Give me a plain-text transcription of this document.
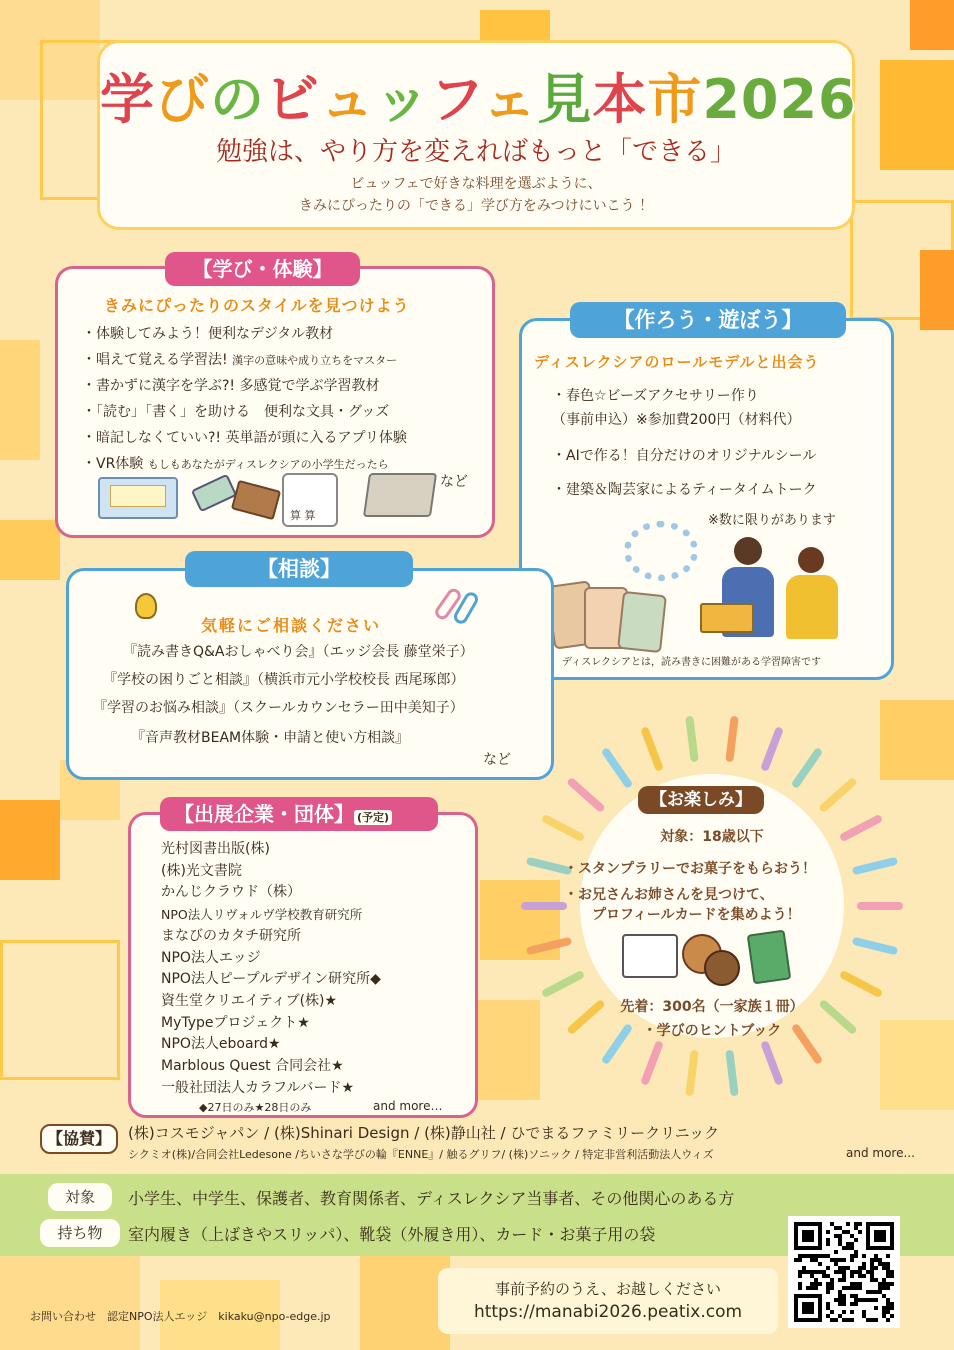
学びのビュッフェ見本市2026
勉強は、やり方を変えればもっと「できる」
ビュッフェで好きな料理を選ぶように、
きみにぴったりの「できる」学び方をみつけにいこう ！
きみにぴったりのスタイルを見つけよう
・体験してみよう！便利なデジタル教材
・唱えて覚える学習法! 漢字の意味や成り立ちをマスター
・書かずに漢字を学ぶ?! 多感覚で学ぶ学習教材
・「読む」「書く」を助ける　便利な文具・グッズ
・暗記しなくていい?! 英単語が頭に入るアプリ体験
・VR体験 もしもあなたがディスレクシアの小学生だったら
など
算 算
【学び・体験】
ディスレクシアのロールモデルと出会う
・春色☆ビーズアクセサリー作り
（事前申込）※参加費200円（材料代）
・AIで作る！自分だけのオリジナルシール
・建築＆陶芸家によるティータイムトーク
※数に限りがあります
ディスレクシアとは，読み書きに困難がある学習障害です
【作ろう・遊ぼう】
気軽にご相談ください
『読み書きQ&Aおしゃべり会』（エッジ会長 藤堂栄子）
『学校の困りごと相談』（横浜市元小学校校長 西尾琢郎）
『学習のお悩み相談』（スクールカウンセラー田中美知子）
『音声教材BEAM体験・申請と使い方相談』
など
【相談】
【お楽しみ】
対象：18歳以下
・スタンプラリーでお菓子をもらおう！
・お兄さんお姉さんを見つけて、
プロフィールカードを集めよう！
先着：300名（一家族１冊）
・学びのヒントブック
光村図書出版(株)
(株)光文書院
かんじクラウド（株）
NPO法人リヴォルヴ学校教育研究所
まなびのカタチ研究所
NPO法人エッジ
NPO法人ピープルデザイン研究所◆
資生堂クリエイティブ(株)★
MyTypeプロジェクト★
NPO法人eboard★
Marblous Quest 合同会社★
一般社団法人カラフルバード★
◆27日のみ★28日のみ	and more…
【出展企業・団体】 (予定)
【協賛】	(株)コスモジャパン / (株)Shinari Design / (株)静山社 / ひでまるファミリークリニック
シクミオ(株)/合同会社Ledesone /ちいさな学びの輪『ENNE』/ 触るグリフ/ (株)ソニック / 特定非営利活動法人ウィズ	and more...
対象	小学生、中学生、保護者、教育関係者、ディスレクシア当事者、その他関心のある方
持ち物	室内履き（上ばきやスリッパ）、靴袋（外履き用）、カード・お菓子用の袋
事前予約のうえ、お越しください
https://manabi2026.peatix.com
お問い合わせ　認定NPO法人エッジ　kikaku@npo-edge.jp
